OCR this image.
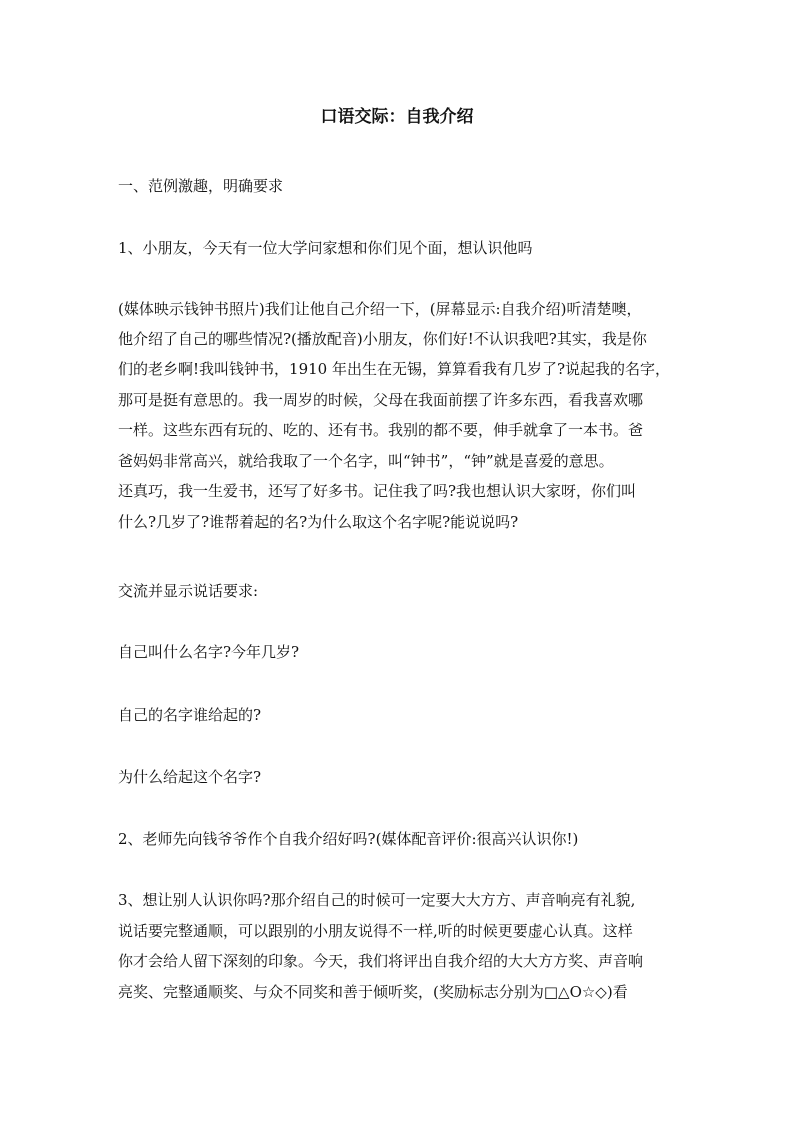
口语交际：自我介绍
一、范例激趣，明确要求
1、小朋友，今天有一位大学问家想和你们见个面，想认识他吗
(媒体映示钱钟书照片)我们让他自己介绍一下，(屏幕显示:自我介绍)听清楚噢，
他介绍了自己的哪些情况?(播放配音)小朋友，你们好!不认识我吧?其实，我是你
们的老乡啊!我叫钱钟书，1910 年出生在无锡，算算看我有几岁了?说起我的名字，
那可是挺有意思的。我一周岁的时候，父母在我面前摆了许多东西，看我喜欢哪
一样。这些东西有玩的、吃的、还有书。我别的都不要，伸手就拿了一本书。爸
爸妈妈非常高兴，就给我取了一个名字，叫“钟书”，“钟”就是喜爱的意思。
还真巧，我一生爱书，还写了好多书。记住我了吗?我也想认识大家呀，你们叫
什么?几岁了?谁帮着起的名?为什么取这个名字呢?能说说吗?
交流并显示说话要求:
自己叫什么名字?今年几岁?
自己的名字谁给起的?
为什么给起这个名字?
2、老师先向钱爷爷作个自我介绍好吗?(媒体配音评价:很高兴认识你!)
3、想让别人认识你吗?那介绍自己的时候可一定要大大方方、声音响亮有礼貌,
说话要完整通顺，可以跟别的小朋友说得不一样,听的时候更要虚心认真。这样
你才会给人留下深刻的印象。今天，我们将评出自我介绍的大大方方奖、声音响
亮奖、完整通顺奖、与众不同奖和善于倾听奖，(奖励标志分别为□△O☆◇)看
